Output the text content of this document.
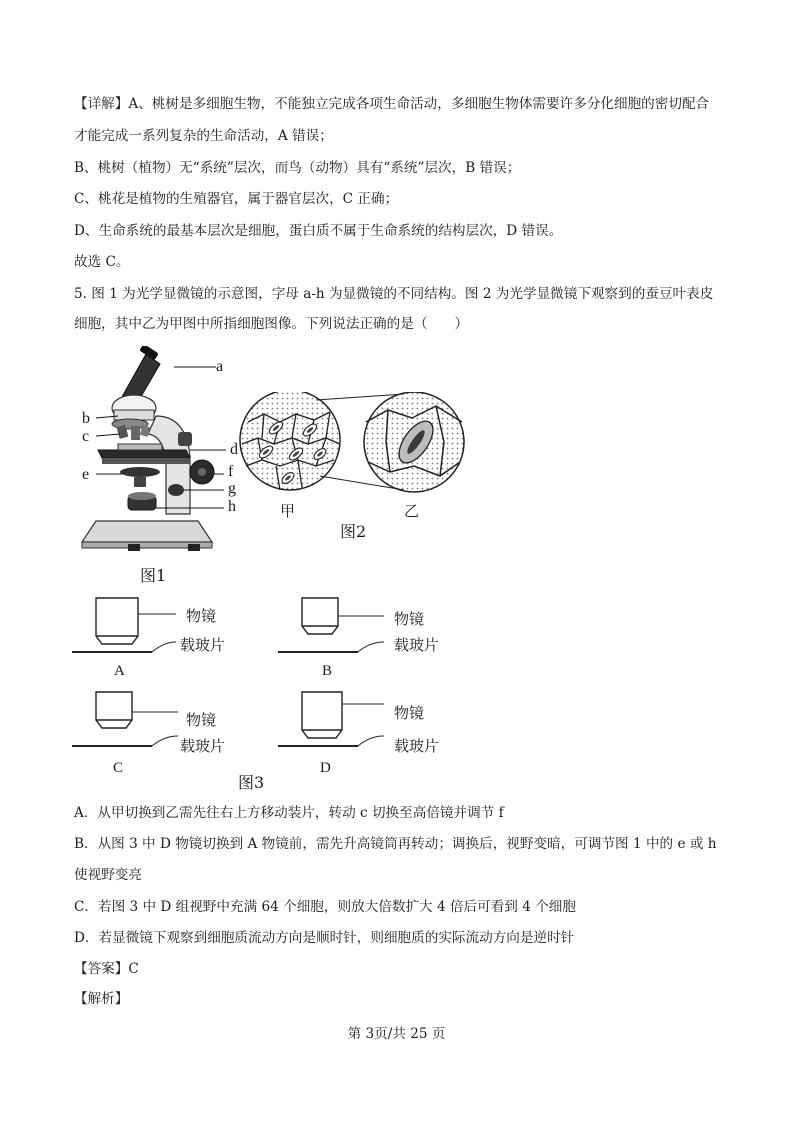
【详解】A、桃树是多细胞生物，不能独立完成各项生命活动，多细胞生物体需要许多分化细胞的密切配合
才能完成一系列复杂的生命活动，A 错误；
B、桃树（植物）无“系统”层次，而鸟（动物）具有“系统”层次，B 错误；
C、桃花是植物的生殖器官，属于器官层次，C 正确；
D、生命系统的最基本层次是细胞，蛋白质不属于生命系统的结构层次，D 错误。
故选 C。
5. 图 1 为光学显微镜的示意图，字母 a-h 为显微镜的不同结构。图 2 为光学显微镜下观察到的蚕豆叶表皮
细胞，其中乙为甲图中所指细胞图像。下列说法正确的是（　　）
a
b
c
d
e	f
g
h
图1
甲	乙
图2
物镜
载玻片
A
物镜
载玻片
B
物镜
载玻片
C
物镜
载玻片
D
图3
A．从甲切换到乙需先往右上方移动装片，转动 c 切换至高倍镜并调节 f
B．从图 3 中 D 物镜切换到 A 物镜前，需先升高镜筒再转动；调换后，视野变暗，可调节图 1 中的 e 或 h
使视野变亮
C．若图 3 中 D 组视野中充满 64 个细胞，则放大倍数扩大 4 倍后可看到 4 个细胞
D．若显微镜下观察到细胞质流动方向是顺时针，则细胞质的实际流动方向是逆时针
【答案】C
【解析】
第 3页/共 25 页
